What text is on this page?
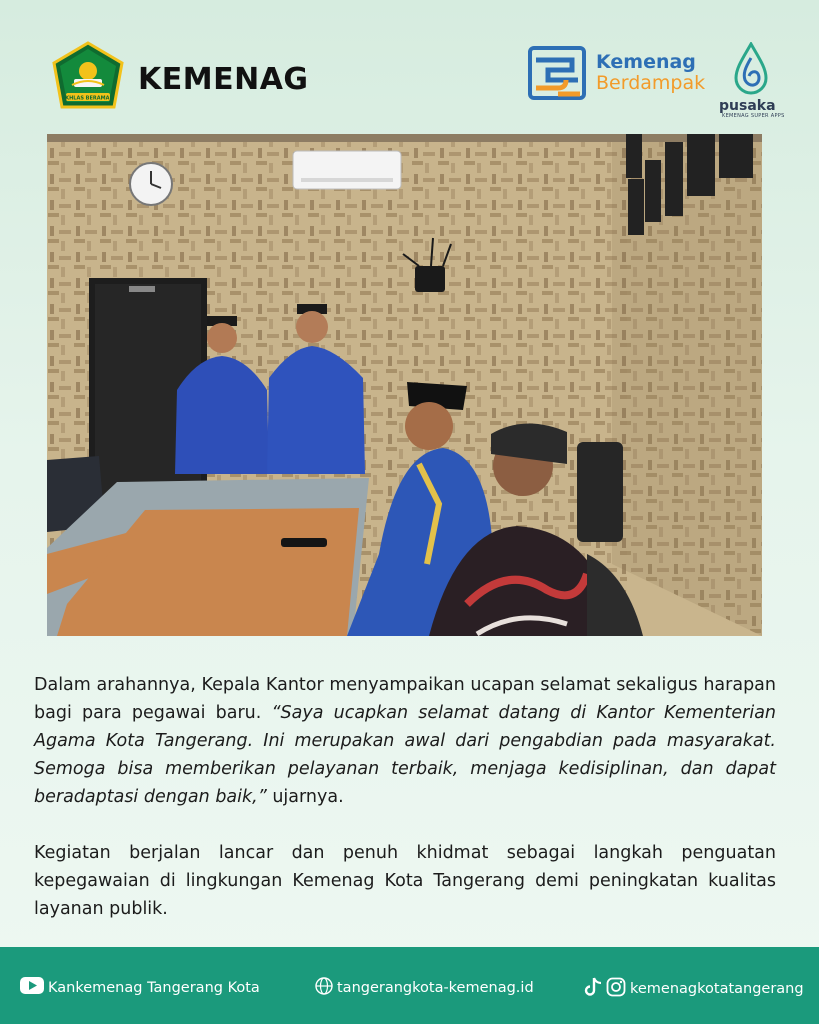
IKHLAS BERAMAL
KEMENAG	Kemenag
Berdampak
pusaka
KEMENAG SUPER APPS

Dalam arahannya, Kepala Kantor menyampaikan ucapan selamat sekaligus harapan bagi para pegawai baru. “Saya ucapkan selamat datang di Kantor Kementerian Agama Kota Tangerang. Ini merupakan awal dari pengabdian pada masyarakat. Semoga bisa memberikan pelayanan terbaik, menjaga kedisiplinan, dan dapat beradaptasi dengan baik,” ujarnya.

Kegiatan berjalan lancar dan penuh khidmat sebagai langkah penguatan kepegawaian di lingkungan Kemenag Kota Tangerang demi peningkatan kualitas layanan publik.

Kankemenag Tangerang Kota	tangerangkota-kemenag.id	kemenagkotatangerang
